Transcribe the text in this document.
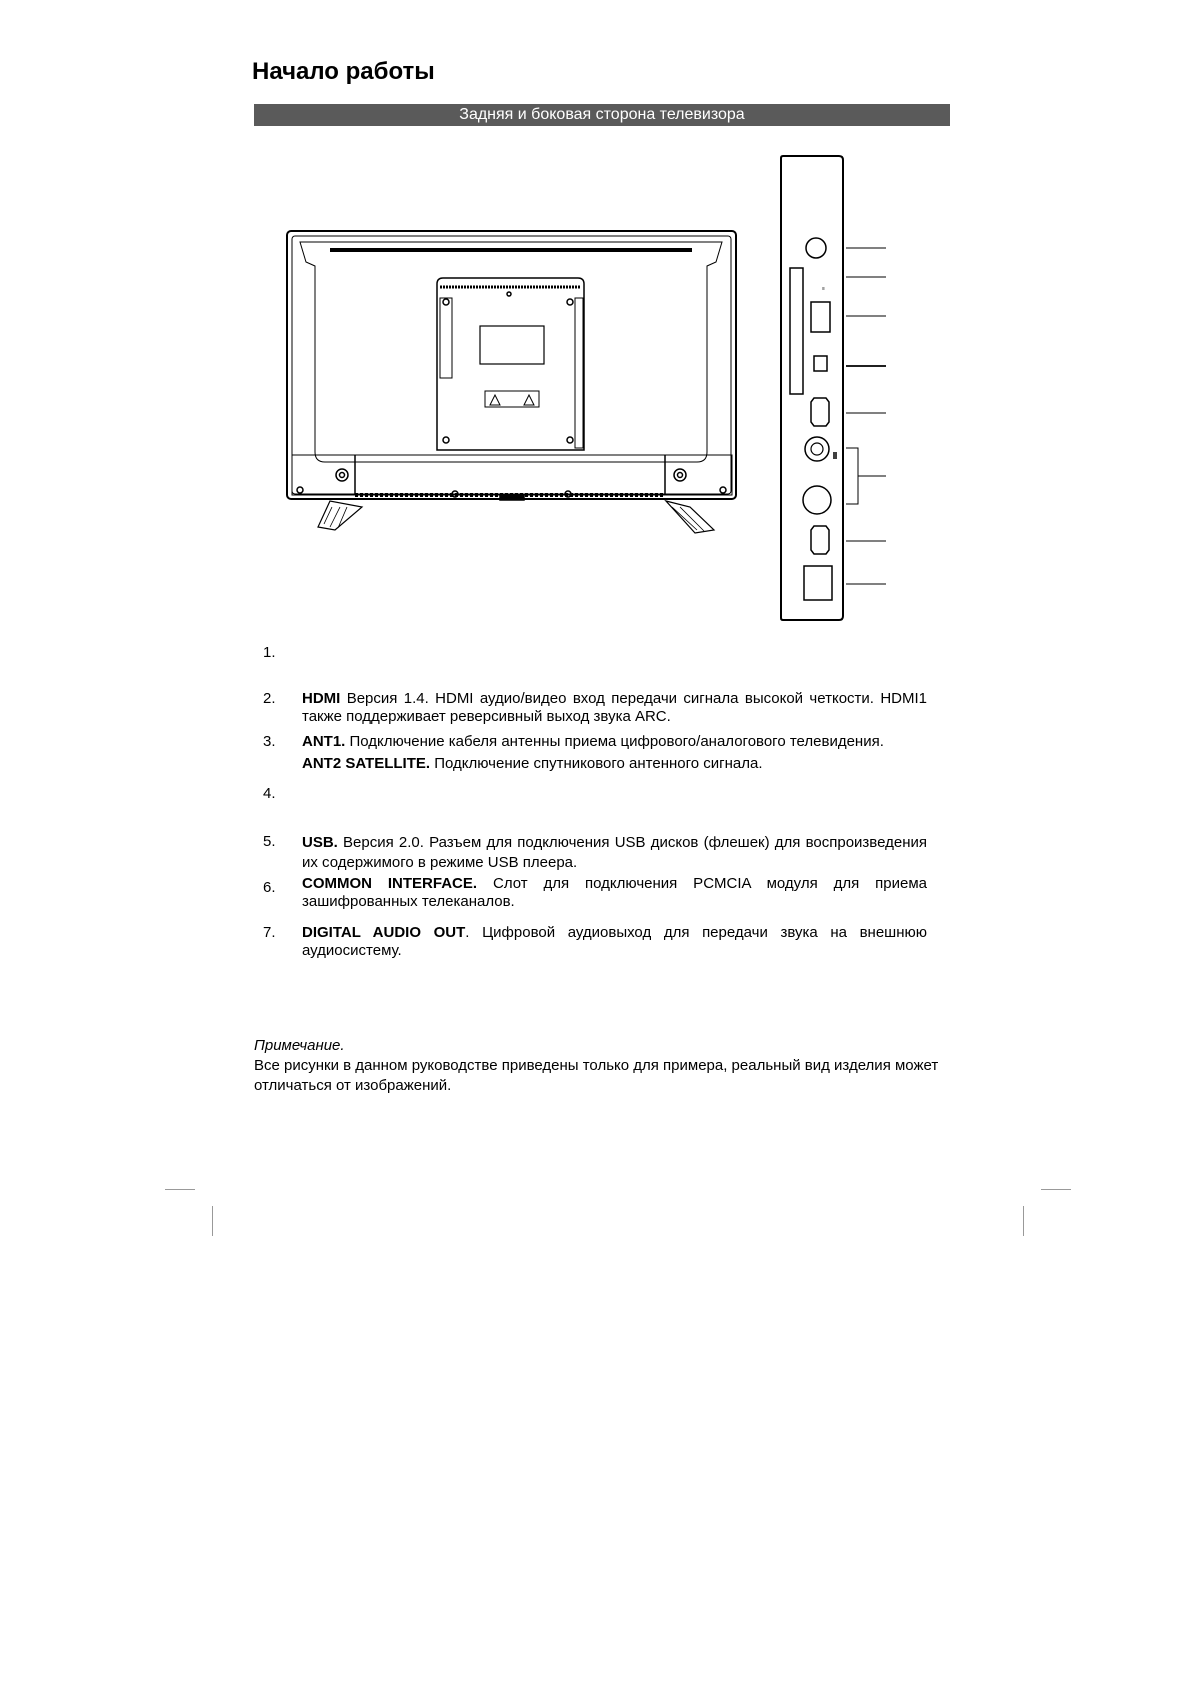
Начало работы
Задняя и боковая сторона телевизора
≡
1.
2. HDMI Версия 1.4. HDMI аудио/видео вход передачи сигнала высокой четкости. HDMI1 также поддерживает реверсивный выход звука ARC.
3. ANT1. Подключение кабеля антенны приема цифрового/аналогового телевидения.
ANT2 SATELLITE. Подключение спутникового антенного сигнала.
4.
5. USB. Версия 2.0. Разъем для подключения USB дисков (флешек) для воспроизведения их содержимого в режиме USB плеера.
6. COMMON INTERFACE. Слот для подключения PCMCIA модуля для приема зашифрованных телеканалов.
7. DIGITAL AUDIO OUT. Цифровой аудиовыход для передачи звука на внешнюю аудиосистему.
Примечание.
Все рисунки в данном руководстве приведены только для примера, реальный вид изделия может отличаться от изображений.
